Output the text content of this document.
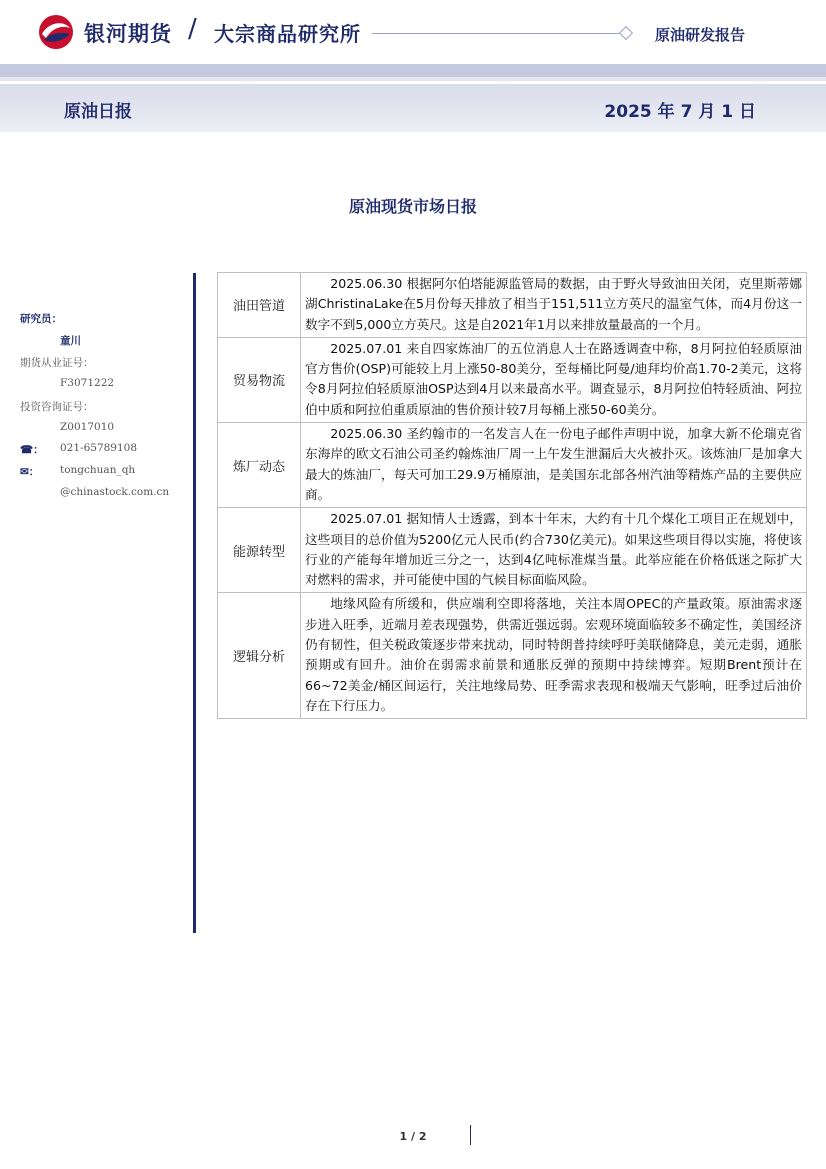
银河期货 / 大宗商品研究所	原油研发报告
原油日报	2025 年 7 月 1 日
原油现货市场日报
研究员：
童川
期货从业证号：
F3071222
投资咨询证号：
Z0017010
☎： 021-65789108
✉： tongchuan_qh
@chinastock.com.cn
油田管道	2025.06.30 根据阿尔伯塔能源监管局的数据，由于野火导致油田关闭，克里斯蒂娜湖ChristinaLake在5月份每天排放了相当于151,511立方英尺的温室气体，而4月份这一数字不到5,000立方英尺。这是自2021年1月以来排放量最高的一个月。
贸易物流	2025.07.01 来自四家炼油厂的五位消息人士在路透调查中称，8月阿拉伯轻质原油官方售价(OSP)可能较上月上涨50-80美分，至每桶比阿曼/迪拜均价高1.70-2美元，这将令8月阿拉伯轻质原油OSP达到4月以来最高水平。调查显示，8月阿拉伯特轻质油、阿拉伯中质和阿拉伯重质原油的售价预计较7月每桶上涨50-60美分。
炼厂动态	2025.06.30 圣约翰市的一名发言人在一份电子邮件声明中说，加拿大新不伦瑞克省东海岸的欧文石油公司圣约翰炼油厂周一上午发生泄漏后大火被扑灭。该炼油厂是加拿大最大的炼油厂，每天可加工29.9万桶原油，是美国东北部各州汽油等精炼产品的主要供应商。
能源转型	2025.07.01 据知情人士透露，到本十年末，大约有十几个煤化工项目正在规划中，这些项目的总价值为5200亿元人民币(约合730亿美元)。如果这些项目得以实施，将使该行业的产能每年增加近三分之一，达到4亿吨标准煤当量。此举应能在价格低迷之际扩大对燃料的需求，并可能使中国的气候目标面临风险。
逻辑分析	地缘风险有所缓和，供应端利空即将落地，关注本周OPEC的产量政策。原油需求逐步进入旺季，近端月差表现强势，供需近强远弱。宏观环境面临较多不确定性，美国经济仍有韧性，但关税政策逐步带来扰动，同时特朗普持续呼吁美联储降息，美元走弱，通胀预期或有回升。油价在弱需求前景和通胀反弹的预期中持续博弈。短期Brent预计在66~72美金/桶区间运行，关注地缘局势、旺季需求表现和极端天气影响，旺季过后油价存在下行压力。
1 / 2
